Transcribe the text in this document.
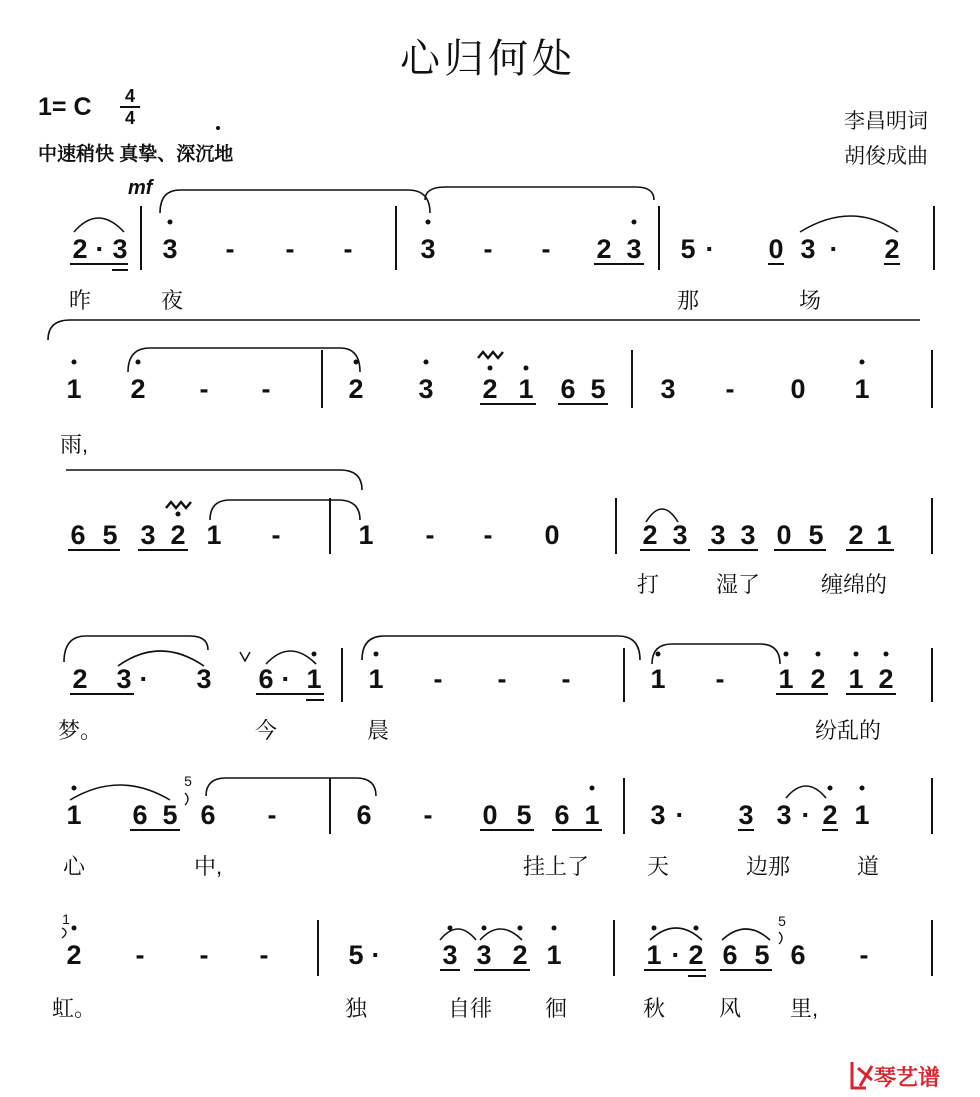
心归何处
1= C 4
4
中速稍快 真挚、深沉地
李昌明词
胡俊成曲
mf
2 · 3 3 - - -	3 - - 2 3 5 · 0 3 · 2
昨	夜	那	场
1 2 - -	2 3 2 1 6 5 3 - 0 1
雨,
6 5 3 2 1 -	1 - - 0	2 3 3 3 0 5 2 1
打	湿了	缠绵的
2 3 · 3 6 · 1 1 - - -	1 - 1 2 1 2
梦。	今	晨	纷乱的
5
1 6 5 6 -	6 - 0 5 6 1 3 · 3 3 · 2 1
心	中,	挂上了	天	边那	道
1	5
2 - - -	5 · 3 3 2 1	1 · 2 6 5 6 -
虹。	独	自徘 徊	秋 风 里,
琴艺谱
